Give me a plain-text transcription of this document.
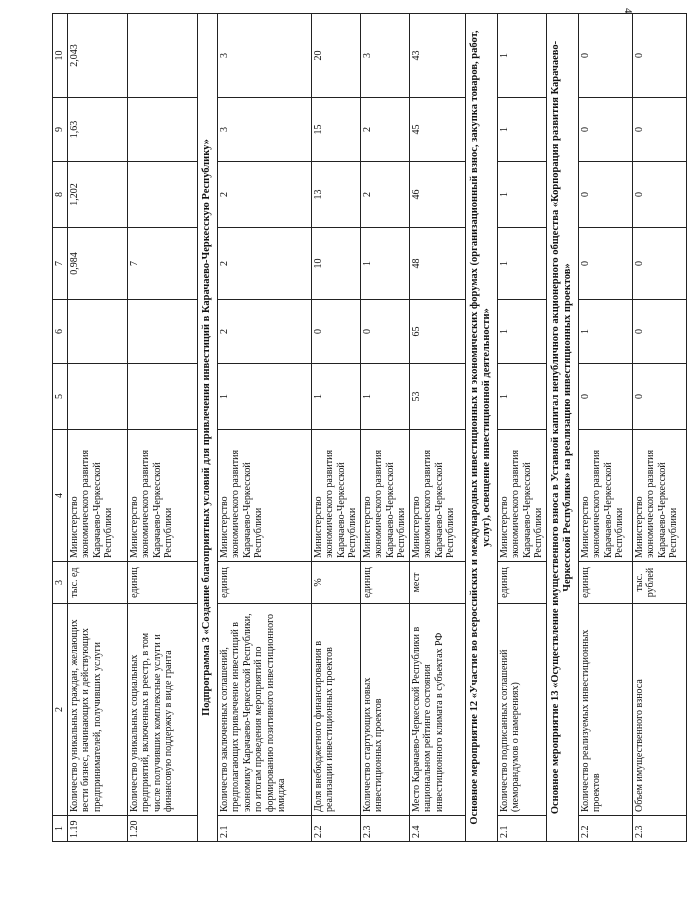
4
1	2	3	4	5	6	7	8	9	10
1.19	Количество уникальных граждан, желающих вести бизнес, начинающих и действующих предпринимателей, получивших услуги	тыс. ед	Министерство экономического развития Карачаево-Черкесской Республики			0,984	1,202	1,63	2,043
1.20	Количество уникальных социальных предприятий, включенных в реестр, в том числе получивших комплексные услуги и финансовую поддержку в виде гранта	единиц	Министерство экономического развития Карачаево-Черкесской Республики			7			
Подпрограмма 3 «Создание благоприятных условий для привлечения инвестиций в Карачаево-Черкесскую Республику»									
2.1	Количество заключенных соглашений, предполагающих привлечение инвестиций в экономику Карачаево-Черкесской Республики, по итогам проведения мероприятий по формированию позитивного инвестиционного имиджа	единиц	Министерство экономического развития Карачаево-Черкесской Республики	1	2	2	2	3	3
2.2	Доля внебюджетного финансирования в реализации инвестиционных проектов	%	Министерство экономического развития Карачаево-Черкесской Республики	1	0	10	13	15	20
2.3	Количество стартующих новых инвестиционных проектов	единиц	Министерство экономического развития Карачаево-Черкесской Республики	1	0	1	2	2	3
2.4	Место Карачаево-Черкесской Республики в национальном рейтинге состояния инвестиционного климата в субъектах РФ	мест	Министерство экономического развития Карачаево-Черкесской Республики	53	65	48	46	45	43
Основное мероприятие 12 «Участие во всероссийских и международных инвестиционных и экономических форумах (организационный взнос, закупка товаров, работ, услуг), освещение инвестиционной деятельности»									
2.1	Количество подписанных соглашений (меморандумов о намерениях)	единиц	Министерство экономического развития Карачаево-Черкесской Республики	1	1	1	1	1	1
Основное мероприятие 13 «Осуществление имущественного взноса в Уставной капитал непубличного акционерного общества «Корпорация развития Карачаево-Черкесской Республики» на реализацию инвестиционных проектов»									
2.2	Количество реализуемых инвестиционных проектов	единиц	Министерство экономического развития Карачаево-Черкесской Республики	0	1	0	0	0	0
2.3	Объем имущественного взноса	тыс. рублей	Министерство экономического развития Карачаево-Черкесской Республики	0	0	0	0	0	0
